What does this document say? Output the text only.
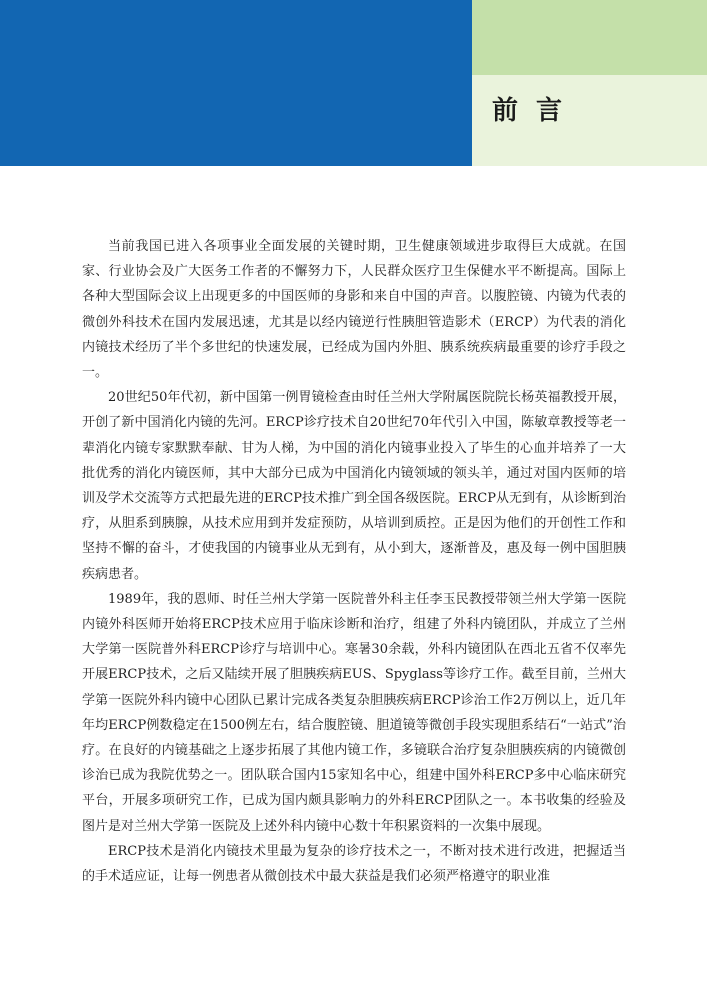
前言

当前我国已进入各项事业全面发展的关键时期，卫生健康领域进步取得巨大成就。在国家、行业协会及广大医务工作者的不懈努力下，人民群众医疗卫生保健水平不断提高。国际上各种大型国际会议上出现更多的中国医师的身影和来自中国的声音。以腹腔镜、内镜为代表的微创外科技术在国内发展迅速，尤其是以经内镜逆行性胰胆管造影术（ERCP）为代表的消化内镜技术经历了半个多世纪的快速发展，已经成为国内外胆、胰系统疾病最重要的诊疗手段之一。

20世纪50年代初，新中国第一例胃镜检查由时任兰州大学附属医院院长杨英福教授开展，开创了新中国消化内镜的先河。ERCP诊疗技术自20世纪70年代引入中国，陈敏章教授等老一辈消化内镜专家默默奉献、甘为人梯，为中国的消化内镜事业投入了毕生的心血并培养了一大批优秀的消化内镜医师，其中大部分已成为中国消化内镜领域的领头羊，通过对国内医师的培训及学术交流等方式把最先进的ERCP技术推广到全国各级医院。ERCP从无到有，从诊断到治疗，从胆系到胰腺，从技术应用到并发症预防，从培训到质控。正是因为他们的开创性工作和坚持不懈的奋斗，才使我国的内镜事业从无到有，从小到大，逐渐普及，惠及每一例中国胆胰疾病患者。

1989年，我的恩师、时任兰州大学第一医院普外科主任李玉民教授带领兰州大学第一医院内镜外科医师开始将ERCP技术应用于临床诊断和治疗，组建了外科内镜团队，并成立了兰州大学第一医院普外科ERCP诊疗与培训中心。寒暑30余载，外科内镜团队在西北五省不仅率先开展ERCP技术，之后又陆续开展了胆胰疾病EUS、Spyglass等诊疗工作。截至目前，兰州大学第一医院外科内镜中心团队已累计完成各类复杂胆胰疾病ERCP诊治工作2万例以上，近几年年均ERCP例数稳定在1500例左右，结合腹腔镜、胆道镜等微创手段实现胆系结石“一站式”治疗。在良好的内镜基础之上逐步拓展了其他内镜工作，多镜联合治疗复杂胆胰疾病的内镜微创诊治已成为我院优势之一。团队联合国内15家知名中心，组建中国外科ERCP多中心临床研究平台，开展多项研究工作，已成为国内颇具影响力的外科ERCP团队之一。本书收集的经验及图片是对兰州大学第一医院及上述外科内镜中心数十年积累资料的一次集中展现。

ERCP技术是消化内镜技术里最为复杂的诊疗技术之一，不断对技术进行改进，把握适当的手术适应证，让每一例患者从微创技术中最大获益是我们必须严格遵守的职业准
